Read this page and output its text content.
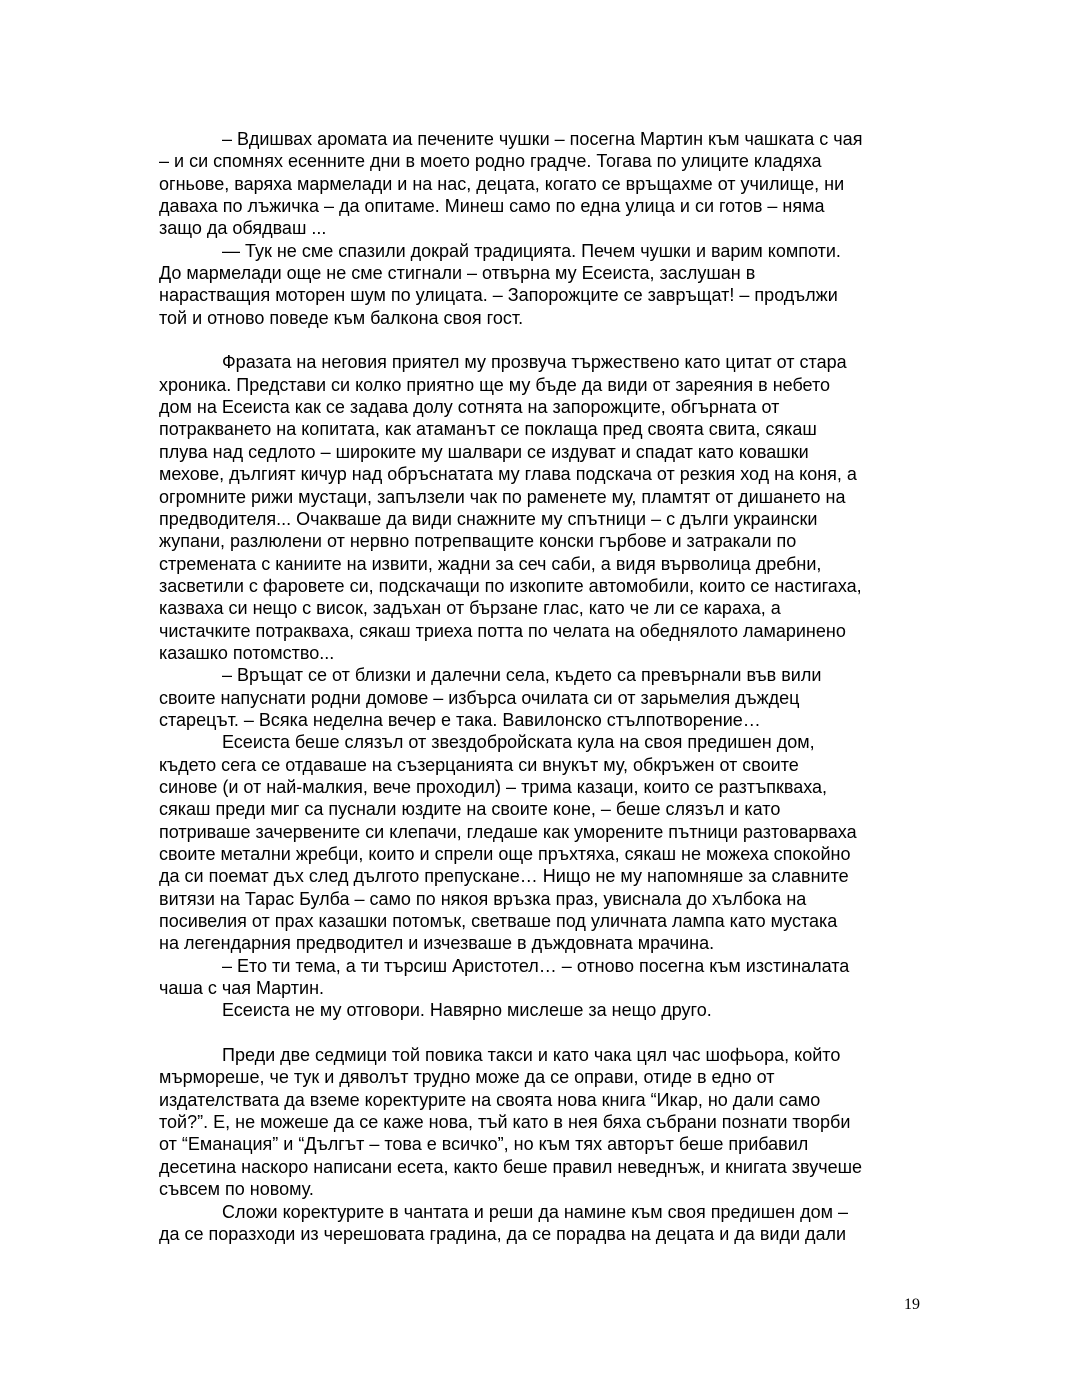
– Вдишвах аромата иа печените чушки – посегна Мартин към чашката с чая
– и си спомнях есенните дни в моето родно градче. Тогава по улиците кладяха
огньове, варяха мармелади и на нас, децата, когато се връщахме от училище, ни
даваха по лъжичка – да опитаме. Минеш само по една улица и си готов – няма
защо да обядваш ...
— Тук не сме спазили докрай традицията. Печем чушки и варим компоти.
До мармелади още не сме стигнали – отвърна му Есеиста, заслушан в
нарастващия моторен шум по улицата. – Запорожците се завръщат! – продължи
той и отново поведе към балкона своя гост.
Фразата на неговия приятел му прозвуча тържествено като цитат от стара
хроника. Представи си колко приятно ще му бъде да види от зареяния в небето
дом на Есеиста как се задава долу сотнята на запорожците, обгърната от
потракването на копитата, как атаманът се поклаща пред своята свита, сякаш
плува над седлото – широките му шалвари се издуват и спадат като ковашки
мехове, дългият кичур над обръснатата му глава подскача от резкия ход на коня, а
огромните рижи мустаци, запълзели чак по раменете му, пламтят от дишането на
предводителя... Очакваше да види снажните му спътници – с дълги украински
жупани, разлюлени от нервно потрепващите конски гърбове и затракали по
стремената с каниите на извити, жадни за сеч саби, а видя върволица дребни,
засветили с фаровете си, подскачащи по изкопите автомобили, които се настигаха,
казваха си нещо с висок, задъхан от бързане глас, като че ли се караха, а
чистачките потракваха, сякаш триеха потта по челата на обеднялото ламаринено
казашко потомство...
– Връщат се от близки и далечни села, където са превърнали във вили
своите напуснати родни домове – избърса очилата си от зарьмелия дъждец
старецът. – Всяка неделна вечер е така. Вавилонско стълпотворение…
Есеиста беше слязъл от звездобройската кула на своя предишен дом,
където сега се отдаваше на съзерцанията си внукът му, обкръжен от своите
синове (и от най-малкия, вече проходил) – трима казаци, които се разтъпкваха,
сякаш преди миг са пуснали юздите на своите коне, – беше слязъл и като
потриваше зачервените си клепачи, гледаше как уморените пътници разтоварваха
своите метални жребци, които и спрели още пръхтяха, сякаш не можеха спокойно
да си поемат дъх след дългото препускане… Нищо не му напомняше за славните
витязи на Тарас Булба – само по някоя връзка праз, увиснала до хълбока на
посивелия от прах казашки потомък, светваше под уличната лампа като мустака
на легендарния предводител и изчезваше в дъждовната мрачина.
– Ето ти тема, а ти търсиш Аристотел… – отново посегна към изстиналата
чаша с чая Мартин.
Есеиста не му отговори. Навярно мислеше за нещо друго.
Преди две седмици той повика такси и като чака цял час шофьора, който
мърмореше, че тук и дяволът трудно може да се оправи, отиде в едно от
издателствата да вземе коректурите на своята нова книга “Икар, но дали само
той?”. Е, не можеше да се каже нова, тъй като в нея бяха събрани познати творби
от “Еманация” и “Дългът – това е всичко”, но към тях авторът беше прибавил
десетина наскоро написани есета, както беше правил неведнъж, и книгата звучеше
съвсем по новому.
Сложи коректурите в чантата и реши да намине към своя предишен дом –
да се поразходи из черешовата градина, да се порадва на децата и да види дали
19
